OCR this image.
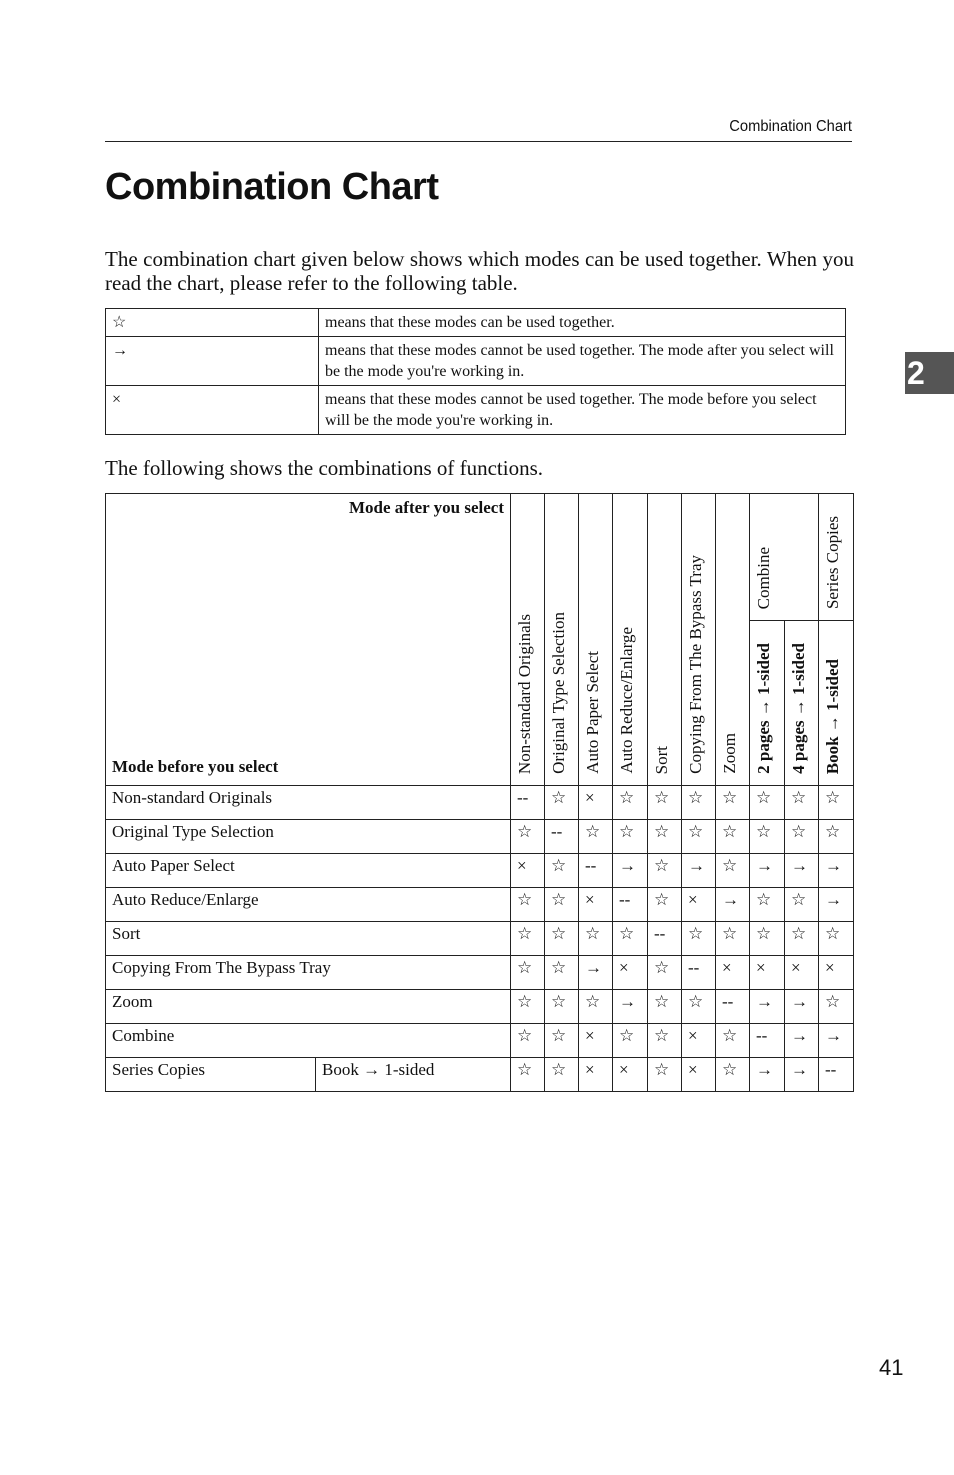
Combination Chart
2
Combination Chart

The combination chart given below shows which modes can be used together. When you read the chart, please refer to the following table.

☆	means that these modes can be used together.
→	means that these modes cannot be used together. The mode after you select will be the mode you're working in.
×	means that these modes cannot be used together. The mode before you select will be the mode you're working in.

The following shows the combinations of functions.

Mode after you select
Mode before you select		Non-standard Originals	Original Type Selection	Auto Paper Select	Auto Reduce/Enlarge	Sort	Copying From The Bypass Tray	Zoom	Combine		Series Copies
									2 pages → 1-sided	4 pages → 1-sided	Book → 1-sided
Non-standard Originals		--	☆	×	☆	☆	☆	☆	☆	☆	☆
Original Type Selection		☆	--	☆	☆	☆	☆	☆	☆	☆	☆
Auto Paper Select		×	☆	--	→	☆	→	☆	→	→	→
Auto Reduce/Enlarge		☆	☆	×	--	☆	×	→	☆	☆	→
Sort		☆	☆	☆	☆	--	☆	☆	☆	☆	☆
Copying From The Bypass Tray		☆	☆	→	×	☆	--	×	×	×	×
Zoom		☆	☆	☆	→	☆	☆	--	→	→	☆
Combine		☆	☆	×	☆	☆	×	☆	--	→	→
Series Copies	Book → 1-sided	☆	☆	×	×	☆	×	☆	→	→	--
41
